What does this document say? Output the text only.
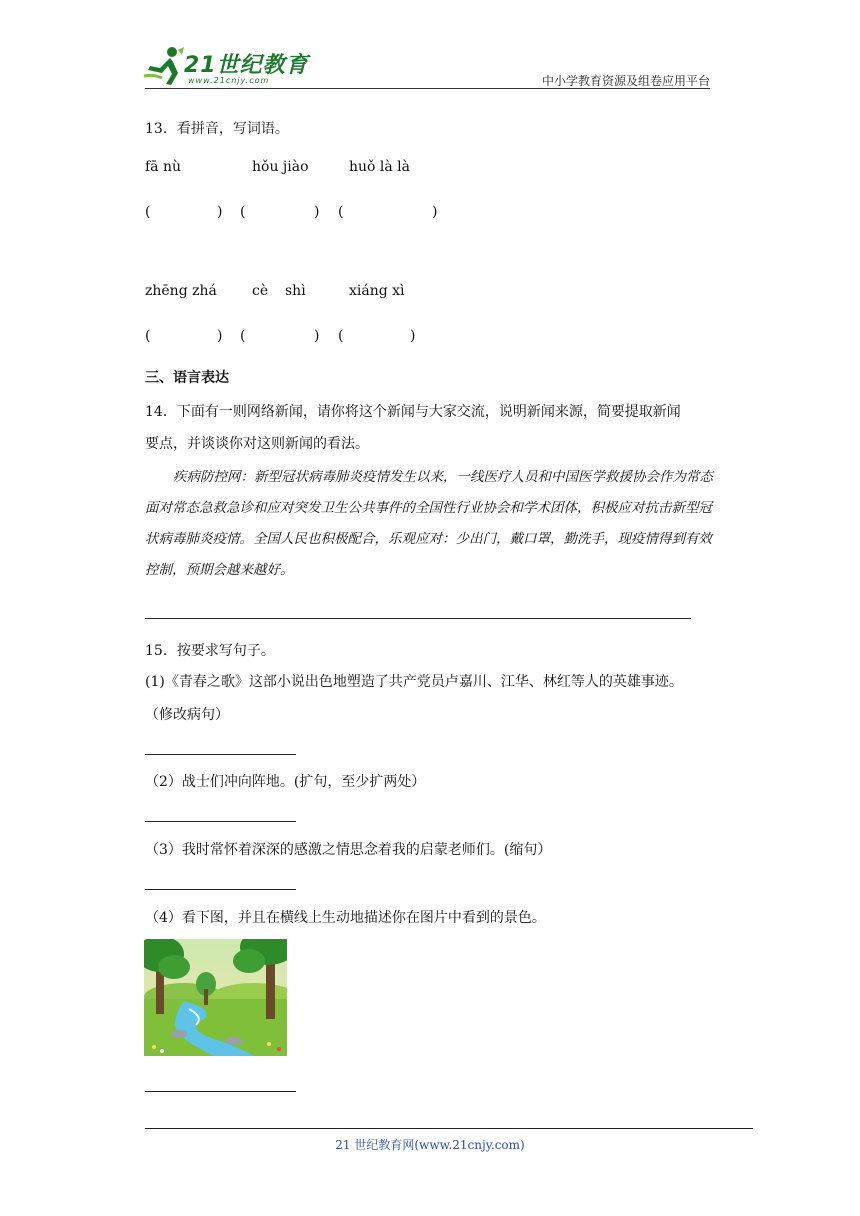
21世纪教育
www.21cnjy.com	中小学教育资源及组卷应用平台
13．看拼音，写词语。
fā nù	hǒu jiào	huǒ là là
(	) (	) (	)
zhēng zhá	cè shì	xiáng xì
(	) (	) (	)
三、语言表达
14．下面有一则网络新闻，请你将这个新闻与大家交流，说明新闻来源，简要提取新闻
要点，并谈谈你对这则新闻的看法。
疾病防控网：新型冠状病毒肺炎疫情发生以来，一线医疗人员和中国医学救援协会作为常态面对常态急救急诊和应对突发卫生公共事件的全国性行业协会和学术团体，积极应对抗击新型冠状病毒肺炎疫情。全国人民也积极配合，乐观应对：少出门，戴口罩，勤洗手，现疫情得到有效控制，预期会越来越好。
15．按要求写句子。
(1)《青春之歌》这部小说出色地塑造了共产党员卢嘉川、江华、林红等人的英雄事迹。
（修改病句）
（2）战士们冲向阵地。(扩句，至少扩两处）
（3）我时常怀着深深的感激之情思念着我的启蒙老师们。(缩句）
（4）看下图，并且在横线上生动地描述你在图片中看到的景色。
21 世纪教育网(www.21cnjy.com)
